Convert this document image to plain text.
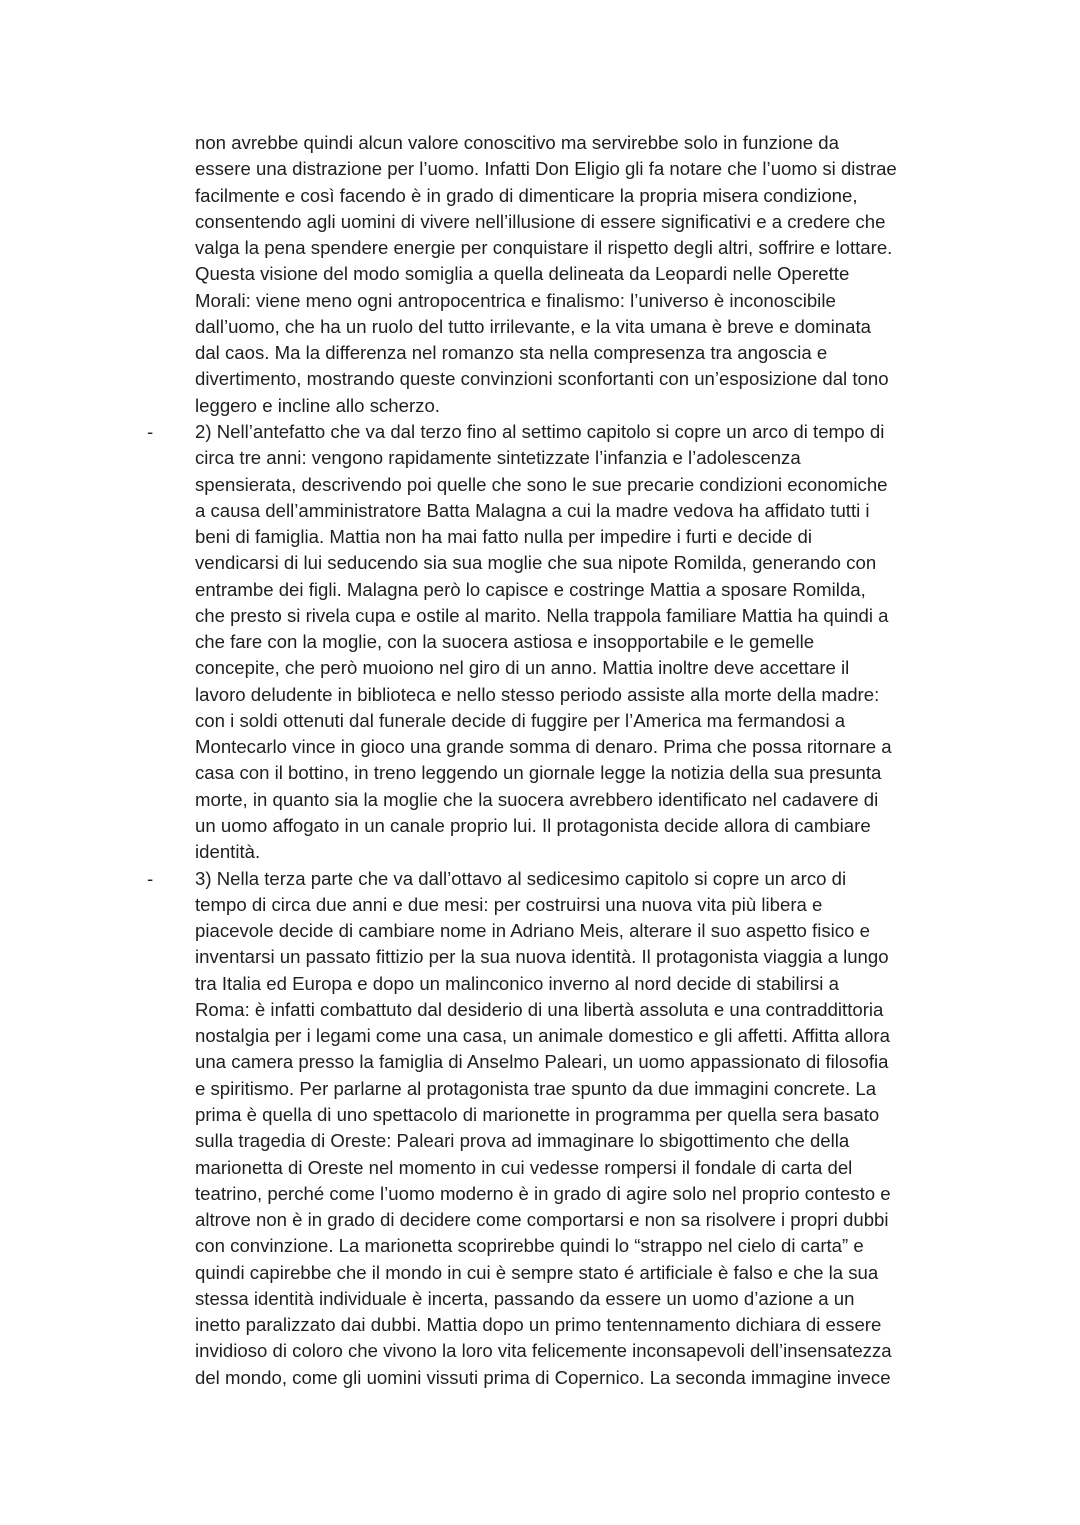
non avrebbe quindi alcun valore conoscitivo ma servirebbe solo in funzione da
essere una distrazione per l’uomo. Infatti Don Eligio gli fa notare che l’uomo si distrae
facilmente e così facendo è in grado di dimenticare la propria misera condizione,
consentendo agli uomini di vivere nell’illusione di essere significativi e a credere che
valga la pena spendere energie per conquistare il rispetto degli altri, soffrire e lottare.
Questa visione del modo somiglia a quella delineata da Leopardi nelle Operette
Morali: viene meno ogni antropocentrica e finalismo: l’universo è inconoscibile
dall’uomo, che ha un ruolo del tutto irrilevante, e la vita umana è breve e dominata
dal caos. Ma la differenza nel romanzo sta nella compresenza tra angoscia e
divertimento, mostrando queste convinzioni sconfortanti con un’esposizione dal tono
leggero e incline allo scherzo.
- 2) Nell’antefatto che va dal terzo fino al settimo capitolo si copre un arco di tempo di
circa tre anni: vengono rapidamente sintetizzate l’infanzia e l’adolescenza
spensierata, descrivendo poi quelle che sono le sue precarie condizioni economiche
a causa dell’amministratore Batta Malagna a cui la madre vedova ha affidato tutti i
beni di famiglia. Mattia non ha mai fatto nulla per impedire i furti e decide di
vendicarsi di lui seducendo sia sua moglie che sua nipote Romilda, generando con
entrambe dei figli. Malagna però lo capisce e costringe Mattia a sposare Romilda,
che presto si rivela cupa e ostile al marito. Nella trappola familiare Mattia ha quindi a
che fare con la moglie, con la suocera astiosa e insopportabile e le gemelle
concepite, che però muoiono nel giro di un anno. Mattia inoltre deve accettare il
lavoro deludente in biblioteca e nello stesso periodo assiste alla morte della madre:
con i soldi ottenuti dal funerale decide di fuggire per l’America ma fermandosi a
Montecarlo vince in gioco una grande somma di denaro. Prima che possa ritornare a
casa con il bottino, in treno leggendo un giornale legge la notizia della sua presunta
morte, in quanto sia la moglie che la suocera avrebbero identificato nel cadavere di
un uomo affogato in un canale proprio lui. Il protagonista decide allora di cambiare
identità.
- 3) Nella terza parte che va dall’ottavo al sedicesimo capitolo si copre un arco di
tempo di circa due anni e due mesi: per costruirsi una nuova vita più libera e
piacevole decide di cambiare nome in Adriano Meis, alterare il suo aspetto fisico e
inventarsi un passato fittizio per la sua nuova identità. Il protagonista viaggia a lungo
tra Italia ed Europa e dopo un malinconico inverno al nord decide di stabilirsi a
Roma: è infatti combattuto dal desiderio di una libertà assoluta e una contraddittoria
nostalgia per i legami come una casa, un animale domestico e gli affetti. Affitta allora
una camera presso la famiglia di Anselmo Paleari, un uomo appassionato di filosofia
e spiritismo. Per parlarne al protagonista trae spunto da due immagini concrete. La
prima è quella di uno spettacolo di marionette in programma per quella sera basato
sulla tragedia di Oreste: Paleari prova ad immaginare lo sbigottimento che della
marionetta di Oreste nel momento in cui vedesse rompersi il fondale di carta del
teatrino, perché come l’uomo moderno è in grado di agire solo nel proprio contesto e
altrove non è in grado di decidere come comportarsi e non sa risolvere i propri dubbi
con convinzione. La marionetta scoprirebbe quindi lo “strappo nel cielo di carta” e
quindi capirebbe che il mondo in cui è sempre stato é artificiale è falso e che la sua
stessa identità individuale è incerta, passando da essere un uomo d’azione a un
inetto paralizzato dai dubbi. Mattia dopo un primo tentennamento dichiara di essere
invidioso di coloro che vivono la loro vita felicemente inconsapevoli dell’insensatezza
del mondo, come gli uomini vissuti prima di Copernico. La seconda immagine invece
